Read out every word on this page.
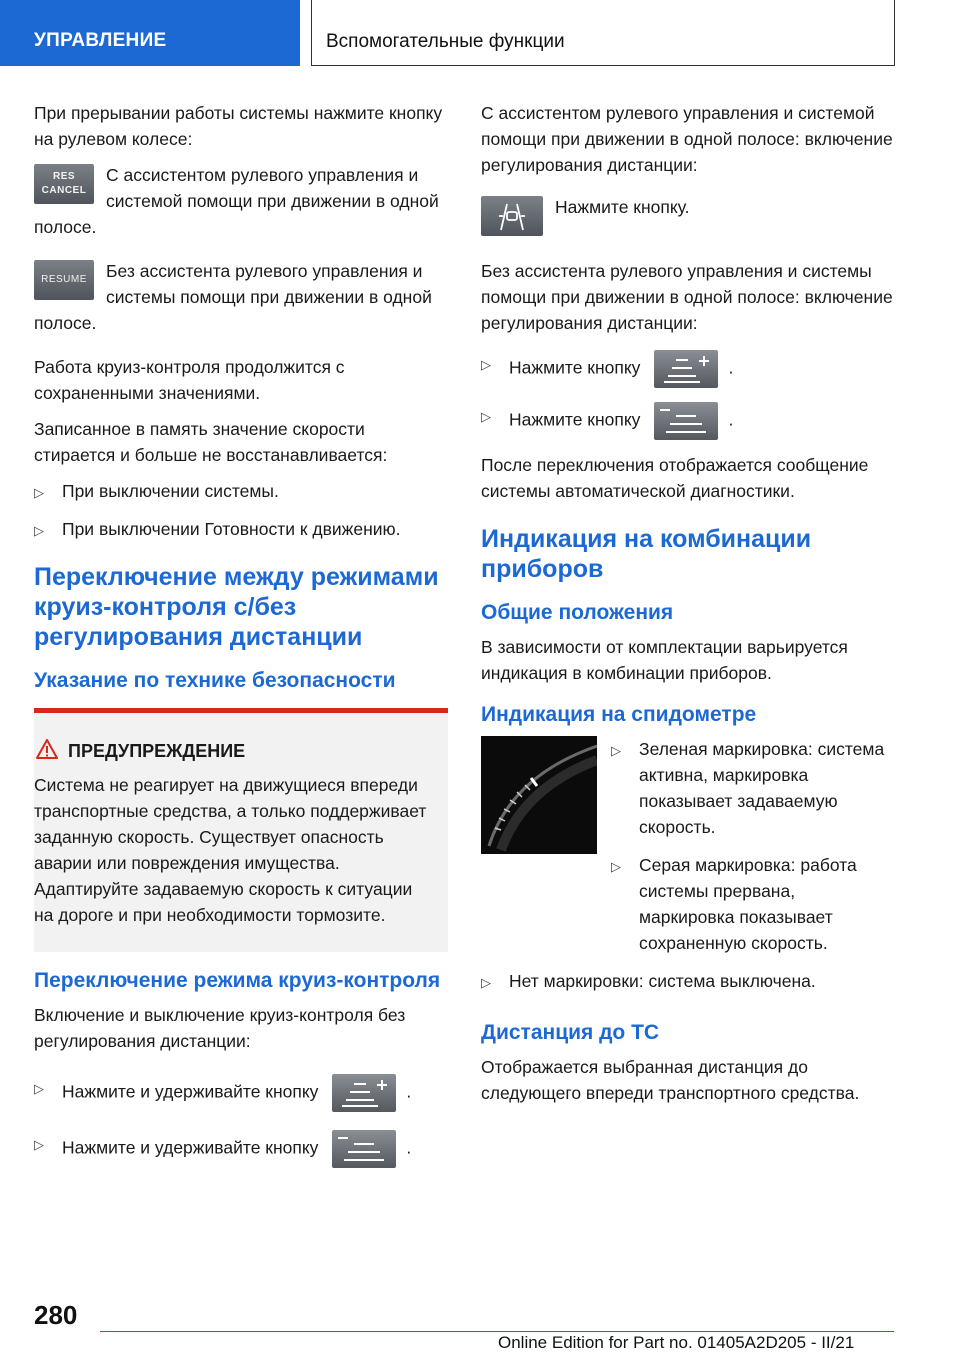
УПРАВЛЕНИЕ	Вспомогательные функции

При прерывании работы системы нажмите кнопку на рулевом колесе:

RES
CANCEL

С ассистентом рулевого управления и системой помощи при движении в одной полосе.

RESUME	Без ассистента рулевого управления и системы помощи при движении в одной полосе.

Работа круиз-контроля продолжится с сохраненными значениями.

Записанное в память значение скорости стирается и больше не восстанавливается:

▷ При выключении системы.
▷ При выключении Готовности к движению.
Переключение между режимами круиз-контроля с/без регулирования дистанции
Указание по технике безопасности
ПРЕДУПРЕЖДЕНИЕ

Система не реагирует на движущиеся впереди транспортные средства, а только поддерживает заданную скорость. Существует опасность аварии или повреждения имущества. Адаптируйте задаваемую скорость к ситуации на дороге и при необходимости тормозите.

Переключение режима круиз-контроля

Включение и выключение круиз-контроля без регулирования дистанции:

▷ Нажмите и удерживайте кнопку	.
▷ Нажмите и удерживайте кнопку	.

С ассистентом рулевого управления и системой помощи при движении в одной полосе: включение регулирования дистанции:

Нажмите кнопку.

Без ассистента рулевого управления и системы помощи при движении в одной полосе: включение регулирования дистанции:

▷ Нажмите кнопку	.
▷ Нажмите кнопку	.

После переключения отображается сообщение системы автоматической диагностики.

Индикация на комбинации приборов
Общие положения

В зависимости от комплектации варьируется индикация в комбинации приборов.

Индикация на спидометре
▷ Зеленая маркировка: система активна, маркировка показывает задаваемую скорость.
▷ Серая маркировка: работа системы прервана, маркировка показывает сохраненную скорость.
▷ Нет маркировки: система выключена.
Дистанция до ТС

Отображается выбранная дистанция до следующего впереди транспортного средства.

280
Online Edition for Part no. 01405A2D205 - II/21
